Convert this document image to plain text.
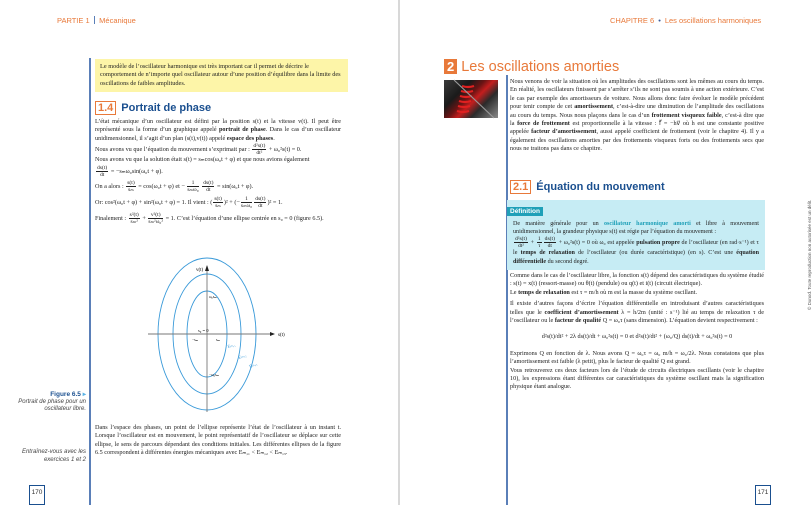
PARTIE 1 Mécanique
Le modèle de l’oscillateur harmonique est très important car il permet de décrire le comportement de n’importe quel oscillateur autour d’une position d’équilibre dans la limite des oscillations de faibles amplitudes.
1.4 Portrait de phase

L’état mécanique d’un oscillateur est défini par la position s(t) et la vitesse v(t). Il peut être représenté sous la forme d’un graphique appelé portrait de phase. Dans le cas d’un oscillateur unidimensionnel, il s’agit d’un plan (s(t),v(t)) appelé espace des phases.

Nous avons vu que l’équation du mouvement s’exprimait par : $\frac{\text{d²s(t)}}{\text{dt²}} + \omega_0^2s(t) = 0$.

Nous avons vu que la solution était s(t) = sₘcos(ω₀t + φ) et que nous avions également

$\frac{ds(t)}{dt} = -s_m\omega_0\sin(\omega_0t + \varphi)$.

On a alors : $\frac{s(t)}{\text{sₘ}} = \cos(\omega_0t + \varphi)$ et − $\frac{1}{\text{sₘω₀}}$
$\frac{ds(t)}{dt} = \sin(\omega_0t + \varphi)$.

Or: cos²(ω₀t + φ) + sin²(ω₀t + φ) = 1. Il vient : ( $\frac{s(t)}{\text{sₘ}} )^2$ + (− $\frac{1}{\text{sₘω₀}} \frac{ds(t)}{dt} )^2 = 1$.

Finalement : $\frac{\text{s²(t)}}{\text{sₘ²}} + \frac{\text{v²(t)}}{\text{sₘ²ω₀²}} = 1$. C’est l’équation d’une ellipse centrée en s₀ = 0 (figure 6.5).

v(t)
s(t)
s₀ = 0
ω₀sₘ
−ω₀sₘ
−sₘ	sₘ
Eₘ,₁
Eₘ,₂
Eₘ,₃
Figure 6.5 ▸
Portrait de phase pour un oscillateur libre.
Dans l’espace des phases, un point de l’ellipse représente l’état de l’oscillateur à un instant t. Lorsque l’oscillateur est en mouvement, le point représentatif de l’oscillateur se déplace sur cette ellipse, le sens de parcours dépendant des conditions initiales. Les différentes ellipses de la figure 6.5 correspondent à différentes énergies mécaniques avec Eₘ,₁ < Eₘ,₂ < Eₘ,₃.
Entraînez-vous avec les exercices 1 et 2
170
CHAPITRE 6 • Les oscillations harmoniques
2 Les oscillations amorties
Nous venons de voir la situation où les amplitudes des oscillations sont les mêmes au cours du temps. En réalité, les oscillateurs finissent par s’arrêter s’ils ne sont pas soumis à une action extérieure. C’est le cas par exemple des amortisseurs de voiture. Nous allons donc faire évoluer le modèle précédent pour tenir compte de cet amortissement, c’est-à-dire une diminution de l’amplitude des oscillations au cours du temps. Nous nous plaçons dans le cas d’un frottement visqueux faible, c’est-à dire que la force de frottement est proportionnelle à la vitesse : f⃗ = −hv⃗ où h est une constante positive appelée facteur d’amortissement, aussi appelé coefficient de frottement (voir le chapitre 4). Il y a également des oscillations amorties par des frottements visqueux forts ou des frottements secs que nous ne traitons pas dans ce chapitre.
2.1 Équation du mouvement
Définition
De manière générale pour un oscillateur harmonique amorti et libre à mouvement unidimensionnel, la grandeur physique s(t) est régie par l’équation du mouvement :

$\frac{\text{d²s(t)}}{\text{dt²}} + \frac{1}{\tau} \frac{ds(t)}{dt} + \omega_0^2s(t) = 0$ où ω₀ est appelée pulsation propre de l’oscillateur (en rad·s⁻¹) et τ le temps de relaxation de l’oscillateur (ou durée caractéristique) (en s). C’est une équation différentielle du second degré.

Comme dans le cas de l’oscillateur libre, la fonction s(t) dépend des caractéristiques du système étudié : s(t) = x(t) (ressort-masse) ou θ(t) (pendule) ou q(t) et i(t) (circuit électrique).

Le temps de relaxation est τ = m/h où m est la masse du système oscillant.

Il existe d’autres façons d’écrire l’équation différentielle en introduisant d’autres caractéristiques telles que le coefficient d’amortissement λ = h/2m (unité : s⁻¹) lié au temps de relaxation τ de l’oscillateur ou le facteur de qualité Q = ω₀τ (sans dimension). L’équation devient respectivement :

d²s(t)/dt² + 2λ ds(t)/dt + ω₀²s(t) = 0 et d²s(t)/dt² + (ω₀/Q) ds(t)/dt + ω₀²s(t) = 0

Exprimons Q en fonction de λ. Nous avons Q = ω₀τ = ω₀ m/h = ω₀/2λ. Nous constatons que plus l’amortissement est faible (λ petit), plus le facteur de qualité Q est grand.

Vous retrouverez ces deux facteurs lors de l’étude de circuits électriques oscillants (voir le chapitre 10), les expressions étant différentes car caractéristiques du système oscillant mais la signification physique étant analogue.

© Dunod. Toute reproduction non autorisée est un délit.
171
